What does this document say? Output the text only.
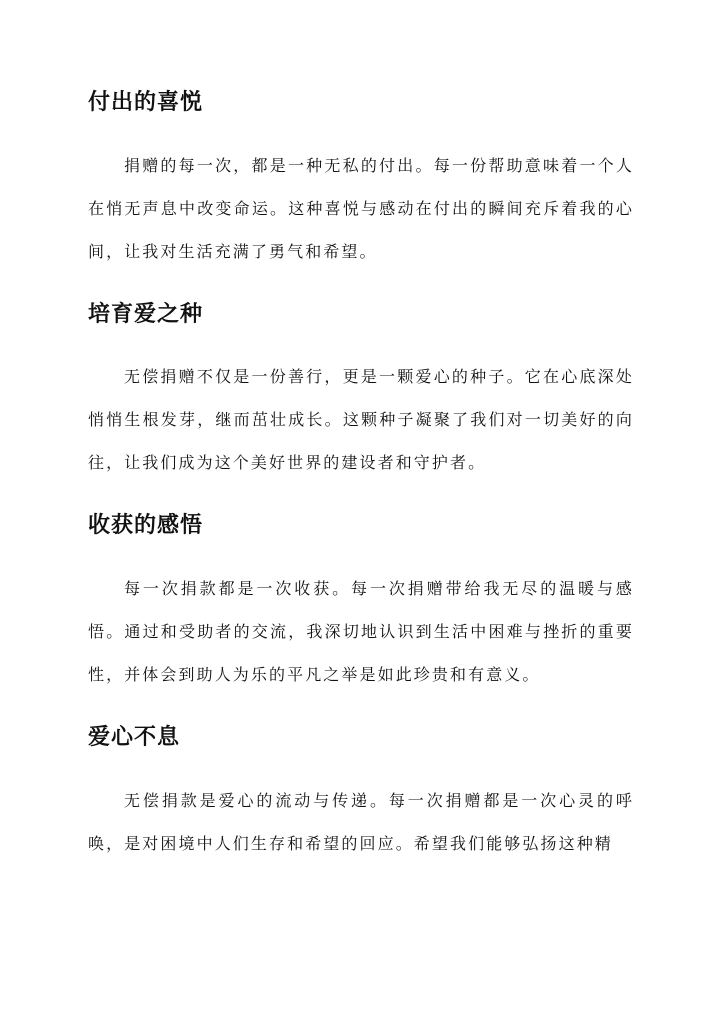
付出的喜悦

捐赠的每一次，都是一种无私的付出。每一份帮助意味着一个人在悄无声息中改变命运。这种喜悦与感动在付出的瞬间充斥着我的心间，让我对生活充满了勇气和希望。

培育爱之种

无偿捐赠不仅是一份善行，更是一颗爱心的种子。它在心底深处悄悄生根发芽，继而茁壮成长。这颗种子凝聚了我们对一切美好的向往，让我们成为这个美好世界的建设者和守护者。

收获的感悟

每一次捐款都是一次收获。每一次捐赠带给我无尽的温暖与感悟。通过和受助者的交流，我深切地认识到生活中困难与挫折的重要性，并体会到助人为乐的平凡之举是如此珍贵和有意义。

爱心不息

无偿捐款是爱心的流动与传递。每一次捐赠都是一次心灵的呼唤，是对困境中人们生存和希望的回应。希望我们能够弘扬这种精
